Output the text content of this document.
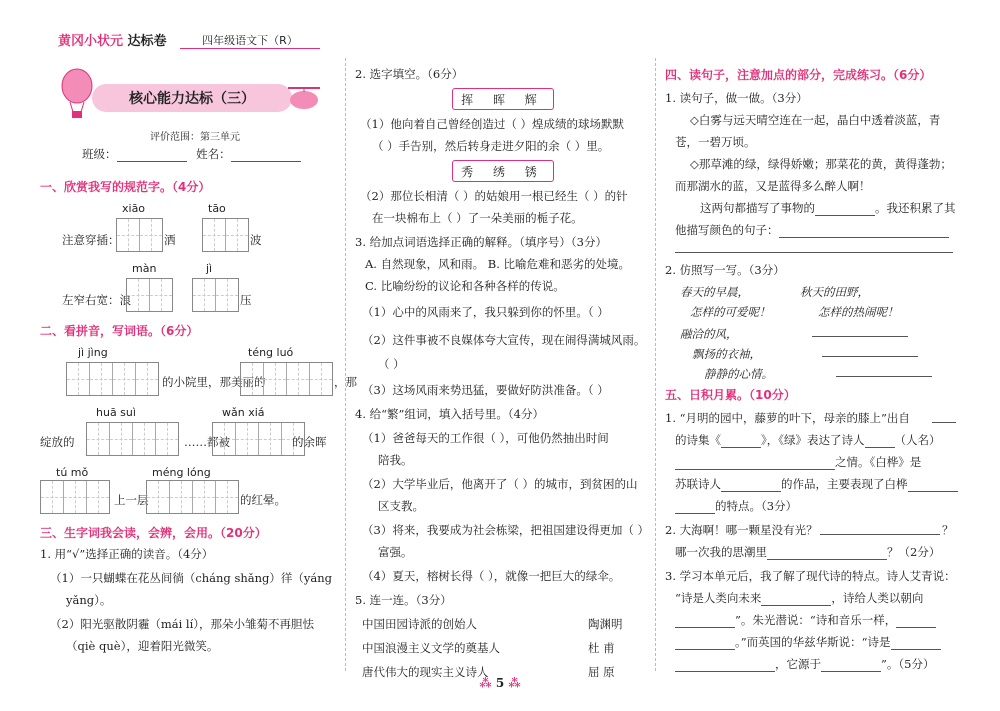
黄冈小状元 达标卷	四年级语文下（R）
核心能力达标（三）
评价范围：第三单元
班级：	姓名：
一、欣赏我写的规范字。（4分）
xiāo	tāo
注意穿插：	洒	波
màn	jì
左窄右宽：浪	压
二、看拼音，写词语。（6分）
jì jìng	téng luó
的小院里，那美丽的	，那
huā suì	wǎn xiá
绽放的	……都被	的余晖
tú mǒ	méng lóng
上一层	的红晕。
三、生字词我会读，会辨，会用。（20分）
1. 用“√”选择正确的读音。（4分）
（1）一只蝴蝶在花丛间徜（cháng shǎng）徉（yáng
yǎng）。
（2）阳光驱散阴霾（mái lí），那朵小雏菊不再胆怯
（qiè què），迎着阳光微笑。
2. 选字填空。（6分）
挥 晖 辉
（1）他向着自己曾经创造过（ ）煌成绩的球场默默
（ ）手告别，然后转身走进夕阳的余（ ）里。
秀 绣 锈
（2）那位长相清（ ）的姑娘用一根已经生（ ）的针
在一块棉布上（ ）了一朵美丽的栀子花。
3. 给加点词语选择正确的解释。（填序号）（3分）
A. 自然现象，风和雨。 B. 比喻危难和恶劣的处境。
C. 比喻纷纷的议论和各种各样的传说。
（1）心中的风雨来了，我只躲到你的怀里。（ ）
（2）这件事被不良媒体夸大宣传，现在闹得满城风雨。
（ ）
（3）这场风雨来势迅猛，要做好防洪准备。（ ）
4. 给“繁”组词，填入括号里。（4分）
（1）爸爸每天的工作很（ ），可他仍然抽出时间
陪我。
（2）大学毕业后，他离开了（ ）的城市，到贫困的山
区支教。
（3）将来，我要成为社会栋梁，把祖国建设得更加（ ）
富强。
（4）夏天，榕树长得（ ），就像一把巨大的绿伞。
5. 连一连。（3分）
中国田园诗派的创始人	陶渊明
中国浪漫主义文学的奠基人	杜 甫
唐代伟大的现实主义诗人	屈 原
四、读句子，注意加点的部分，完成练习。（6分）
1. 读句子，做一做。（3分）
◇白雾与远天晴空连在一起，晶白中透着淡蓝，青
苍，一碧万顷。
◇那草滩的绿，绿得娇嫩；那菜花的黄，黄得蓬勃；
而那湖水的蓝，又是蓝得多么醉人啊！
这两句都描写了事物的	。我还积累了其
他描写颜色的句子：
2. 仿照写一写。（3分）
春天的早晨，	秋天的田野，
怎样的可爱呢！	怎样的热闹呢！
融洽的风，
飘扬的衣袖，
静静的心情。
五、日积月累。（10分）
1. “月明的园中，藤萝的叶下，母亲的膝上”出自
的诗集《	》，《绿》表达了诗人	（人名）
之情。《白桦》是
苏联诗人	的作品，主要表现了白桦
的特点。（3分）
2. 大海啊！哪一颗星没有光？	？
哪一次我的思潮里	？（2分）
3. 学习本单元后，我了解了现代诗的特点。诗人艾青说：
“诗是人类向未来	，诗给人类以朝向
”。朱光潜说：“诗和音乐一样，
。”而英国的华兹华斯说：“诗是
，它源于	”。（5分）
⁂ 5 ⁂
